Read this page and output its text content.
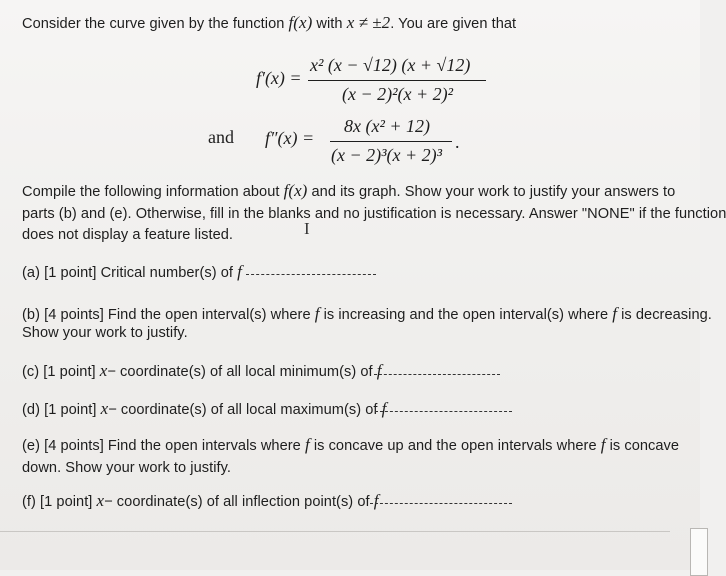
Consider the curve given by the function f(x) with x ≠ ±2. You are given that
f′(x) =
x² (x − √12) (x + √12)
(x − 2)²(x + 2)²
and f″(x) =
8x (x² + 12)
(x − 2)³(x + 2)³
.
Compile the following information about f(x) and its graph. Show your work to justify your answers to
parts (b) and (e). Otherwise, fill in the blanks and no justification is necessary. Answer "NONE" if the function
does not display a feature listed.	I
(a) [1 point] Critical number(s) of f
(b) [4 points] Find the open interval(s) where f is increasing and the open interval(s) where f is decreasing.
Show your work to justify.
(c) [1 point] x− coordinate(s) of all local minimum(s) of f
(d) [1 point] x− coordinate(s) of all local maximum(s) of f
(e) [4 points] Find the open intervals where f is concave up and the open intervals where f is concave
down. Show your work to justify.
(f) [1 point] x− coordinate(s) of all inflection point(s) of f
